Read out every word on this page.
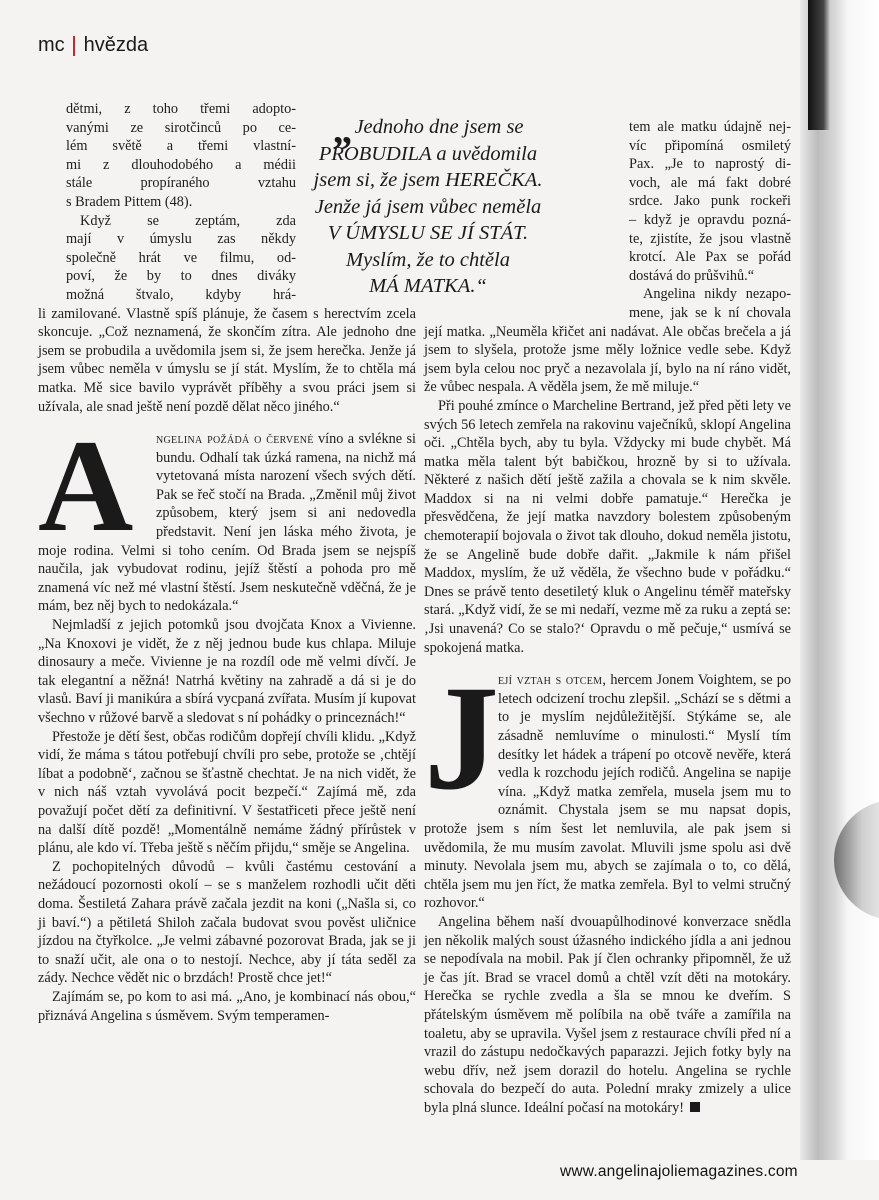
mc hvězda
„Jednoho dne jsem se
PROBUDILA a uvědomila
jsem si, že jsem HEREČKA.
Jenže já jsem vůbec neměla
V ÚMYSLU SE JÍ STÁT.
Myslím, že to chtěla
MÁ MATKA.“
dětmi, z toho třemi adopto-
vanými ze sirotčinců po ce-
lém světě a třemi vlastní-
mi z dlouhodobého a médii
stále propíraného vztahu
s Bradem Pittem (48).
Když se zeptám, zda
mají v úmyslu zas někdy
společně hrát ve filmu, od-
poví, že by to dnes diváky
možná štvalo, kdyby hrá-

li zamilované. Vlastně spíš plánuje, že časem s herectvím zcela skoncuje. „Což neznamená, že skončím zítra. Ale jednoho dne jsem se probudila a uvědomila jsem si, že jsem herečka. Jenže já jsem vůbec neměla v úmyslu se jí stát. Myslím, že to chtěla má matka. Mě sice bavilo vyprávět příběhy a svou práci jsem si užívala, ale snad ještě není pozdě dělat něco jiného.“

A	ngelina požádá o červené víno a svlékne si bundu. Odhalí tak úzká ramena, na nichž má vytetovaná místa narození všech svých dětí. Pak se řeč stočí na Brada. „Změnil můj život způsobem, který jsem si ani nedovedla představit. Není jen láska mého života, je moje rodina. Velmi si toho cením. Od Brada jsem se nejspíš naučila, jak vybudovat rodinu, jejíž štěstí a pohoda pro mě znamená víc než mé vlastní štěstí. Jsem neskutečně vděčná, že je mám, bez něj bych to nedokázala.“

Nejmladší z jejich potomků jsou dvojčata Knox a Vivienne. „Na Knoxovi je vidět, že z něj jednou bude kus chlapa. Miluje dinosaury a meče. Vivienne je na rozdíl ode mě velmi dívčí. Je tak elegantní a něžná! Natrhá květiny na zahradě a dá si je do vlasů. Baví ji manikúra a sbírá vycpaná zvířata. Musím jí kupovat všechno v růžové barvě a sledovat s ní pohádky o princeznách!“

Přestože je dětí šest, občas rodičům dopřejí chvíli klidu. „Když vidí, že máma s tátou potřebují chvíli pro sebe, protože se ‚chtějí líbat a podobně‘, začnou se šťastně chechtat. Je na nich vidět, že v nich náš vztah vyvolává pocit bezpečí.“ Zajímá mě, zda považují počet dětí za definitivní. V šestatřiceti přece ještě není na další dítě pozdě! „Momentálně nemáme žádný přírůstek v plánu, ale kdo ví. Třeba ještě s něčím přijdu,“ směje se Angelina.

Z pochopitelných důvodů – kvůli častému cestování a nežádoucí pozornosti okolí – se s manželem rozhodli učit děti doma. Šestiletá Zahara právě začala jezdit na koni („Našla si, co ji baví.“) a pětiletá Shiloh začala budovat svou pověst uličnice jízdou na čtyřkolce. „Je velmi zábavné pozorovat Brada, jak se ji to snaží učit, ale ona o to nestojí. Nechce, aby jí táta seděl za zády. Nechce vědět nic o brzdách! Prostě chce jet!“

Zajímám se, po kom to asi má. „Ano, je kombinací nás obou,“ přiznává Angelina s úsměvem. Svým temperamen-

tem ale matku údajně nej-
víc připomíná osmiletý
Pax. „Je to naprostý di-
voch, ale má fakt dobré
srdce. Jako punk rockeři
– když je opravdu pozná-
te, zjistíte, že jsou vlastně
krotcí. Ale Pax se pořád
dostává do průšvihů.“
Angelina nikdy nezapo-
mene, jak se k ní chovala

její matka. „Neuměla křičet ani nadávat. Ale občas brečela a já jsem to slyšela, protože jsme měly ložnice vedle sebe. Když jsem byla celou noc pryč a nezavolala jí, bylo na ní ráno vidět, že vůbec nespala. A věděla jsem, že mě miluje.“

Při pouhé zmínce o Marcheline Bertrand, jež před pěti lety ve svých 56 letech zemřela na rakovinu vaječníků, sklopí Angelina oči. „Chtěla bych, aby tu byla. Vždycky mi bude chybět. Má matka měla talent být babičkou, hrozně by si to užívala. Některé z našich dětí ještě zažila a chovala se k nim skvěle. Maddox si na ni velmi dobře pamatuje.“ Herečka je přesvědčena, že její matka navzdory bolestem způsobeným chemoterapií bojovala o život tak dlouho, dokud neměla jistotu, že se Angelině bude dobře dařit. „Jakmile k nám přišel Maddox, myslím, že už věděla, že všechno bude v pořádku.“ Dnes se právě tento desetiletý kluk o Angelinu téměř mateřsky stará. „Když vidí, že se mi nedaří, vezme mě za ruku a zeptá se: ‚Jsi unavená? Co se stalo?‘ Opravdu o mě pečuje,“ usmívá se spokojená matka.

J ejí vztah s otcem, hercem Jonem Voightem, se po letech odcizení trochu zlepšil. „Schází se s dětmi a to je myslím nejdůležitější. Stýkáme se, ale zásadně nemluvíme o minulosti.“ Myslí tím desítky let hádek a trápení po otcově nevěře, která vedla k rozchodu jejích rodičů. Angelina se napije vína. „Když matka zemřela, musela jsem mu to oznámit. Chystala jsem se mu napsat dopis, protože jsem s ním šest let nemluvila, ale pak jsem si uvědomila, že mu musím zavolat. Mluvili jsme spolu asi dvě minuty. Nevolala jsem mu, abych se zajímala o to, co dělá, chtěla jsem mu jen říct, že matka zemřela. Byl to velmi stručný rozhovor.“

Angelina během naší dvouapůlhodinové konverzace snědla jen několik malých soust úžasného indického jídla a ani jednou se nepodívala na mobil. Pak jí člen ochranky připomněl, že už je čas jít. Brad se vracel domů a chtěl vzít děti na motokáry. Herečka se rychle zvedla a šla se mnou ke dveřím. S přátelským úsměvem mě políbila na obě tváře a zamířila na toaletu, aby se upravila. Vyšel jsem z restaurace chvíli před ní a vrazil do zástupu nedočkavých paparazzi. Jejich fotky byly na webu dřív, než jsem dorazil do hotelu. Angelina se rychle schovala do bezpečí do auta. Polední mraky zmizely a ulice byla plná slunce. Ideální počasí na motokáry!

www.angelinajoliemagazines.com
